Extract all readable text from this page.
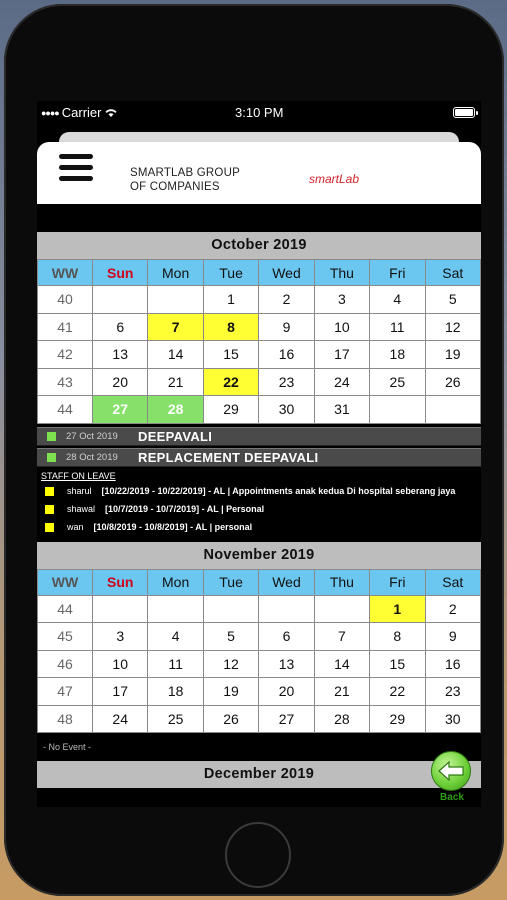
●●●● Carrier	3:10 PM
SMARTLAB GROUP
OF COMPANIES
smartLab
October 2019
WW	Sun	Mon	Tue	Wed	Thu	Fri	Sat
40			1	2	3	4	5
41	6	7	8	9	10	11	12
42	13	14	15	16	17	18	19
43	20	21	22	23	24	25	26
44	27	28	29	30	31		
27 Oct 2019	DEEPAVALI
28 Oct 2019	REPLACEMENT DEEPAVALI
STAFF ON LEAVE
sharul [10/22/2019 - 10/22/2019] - AL | Appointments anak kedua Di hospital seberang jaya
shawal [10/7/2019 - 10/7/2019] - AL | Personal
wan [10/8/2019 - 10/8/2019] - AL | personal
November 2019
WW	Sun	Mon	Tue	Wed	Thu	Fri	Sat
44						1	2
45	3	4	5	6	7	8	9
46	10	11	12	13	14	15	16
47	17	18	19	20	21	22	23
48	24	25	26	27	28	29	30
- No Event -
December 2019
Back
